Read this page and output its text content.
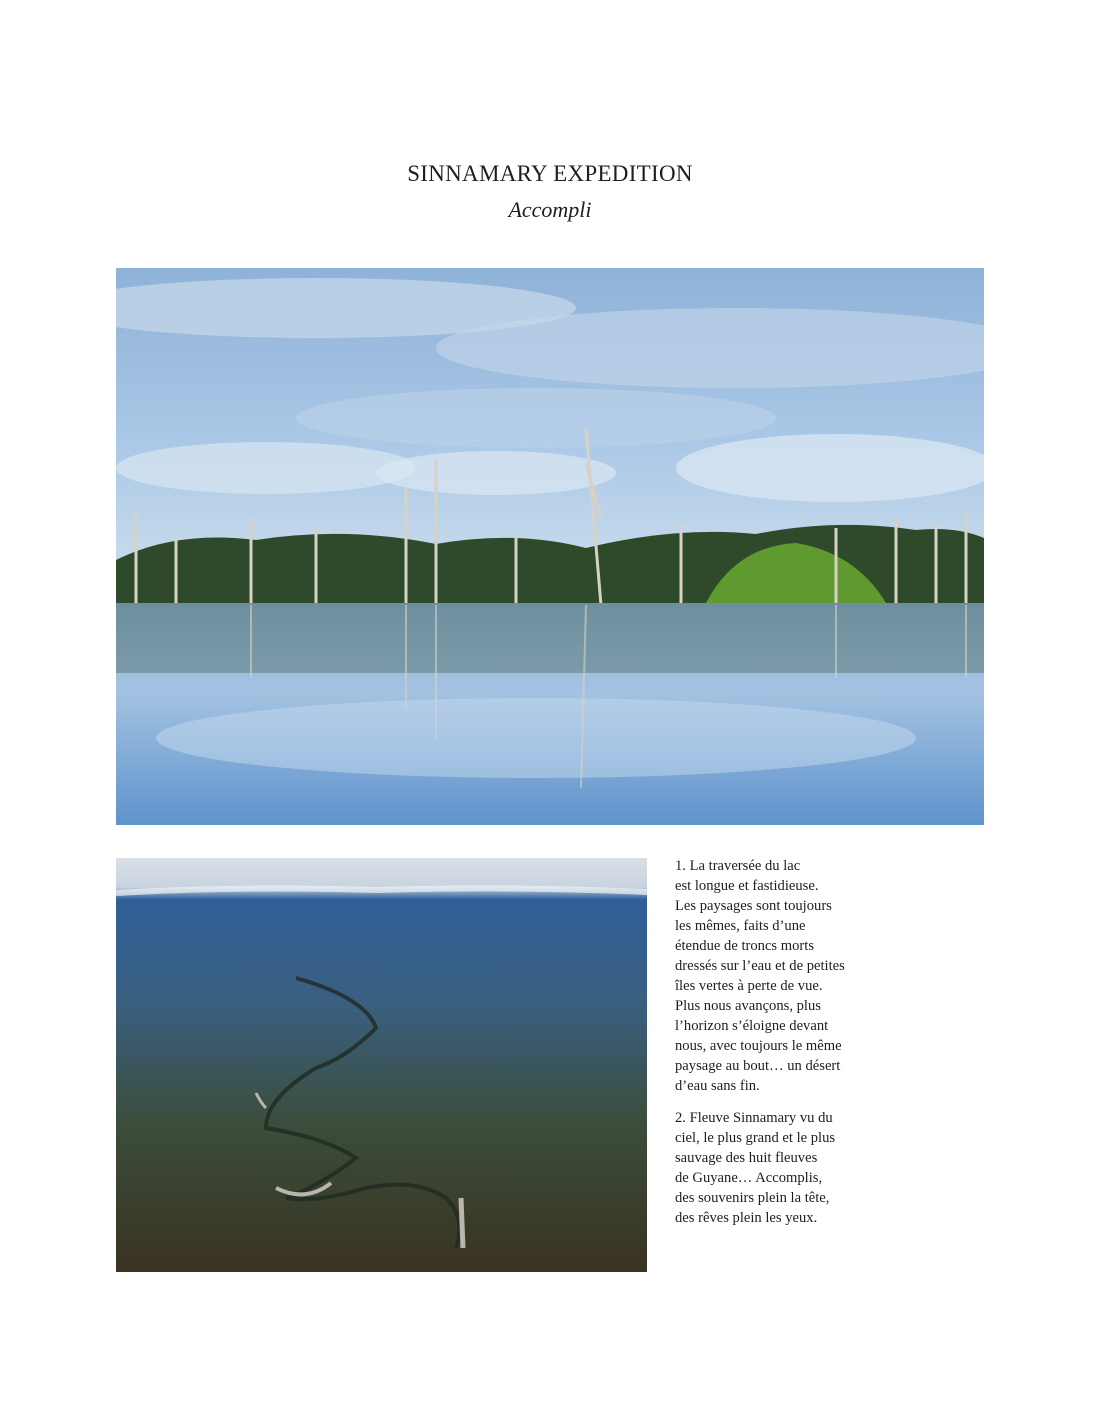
SINNAMARY EXPEDITION
Accompli

1. La traversée du lac
est longue et fastidieuse.
Les paysages sont toujours
les mêmes, faits d’une
étendue de troncs morts
dressés sur l’eau et de petites
îles vertes à perte de vue.
Plus nous avançons, plus
l’horizon s’éloigne devant
nous, avec toujours le même
paysage au bout… un désert
d’eau sans fin.

2. Fleuve Sinnamary vu du
ciel, le plus grand et le plus
sauvage des huit fleuves
de Guyane… Accomplis,
des souvenirs plein la tête,
des rêves plein les yeux.
